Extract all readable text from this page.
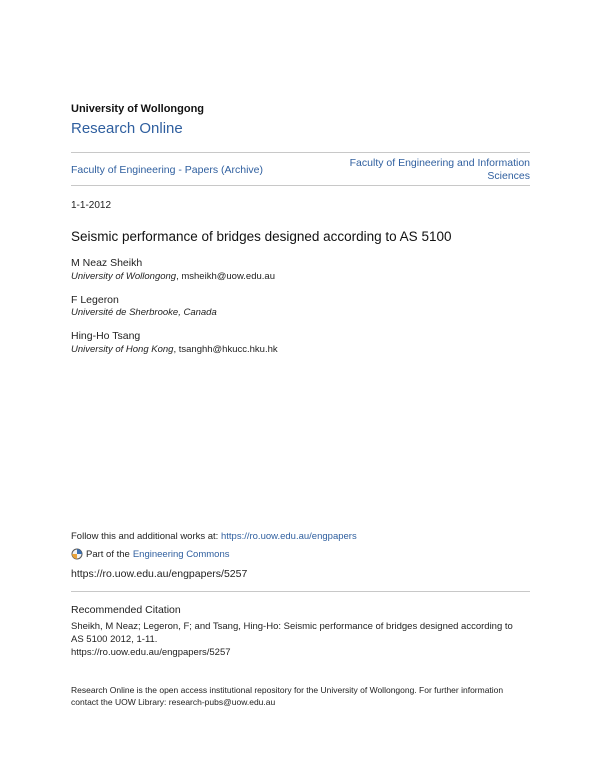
University of Wollongong
Research Online
Faculty of Engineering - Papers (Archive)
Faculty of Engineering and Information
Sciences
1-1-2012
Seismic performance of bridges designed according to AS 5100
M Neaz Sheikh
University of Wollongong, msheikh@uow.edu.au
F Legeron
Université de Sherbrooke, Canada
Hing-Ho Tsang
University of Hong Kong, tsanghh@hkucc.hku.hk
Follow this and additional works at: https://ro.uow.edu.au/engpapers
Part of the Engineering Commons
https://ro.uow.edu.au/engpapers/5257
Recommended Citation
Sheikh, M Neaz; Legeron, F; and Tsang, Hing-Ho: Seismic performance of bridges designed according to
AS 5100 2012, 1-11.
https://ro.uow.edu.au/engpapers/5257
Research Online is the open access institutional repository for the University of Wollongong. For further information
contact the UOW Library: research-pubs@uow.edu.au
